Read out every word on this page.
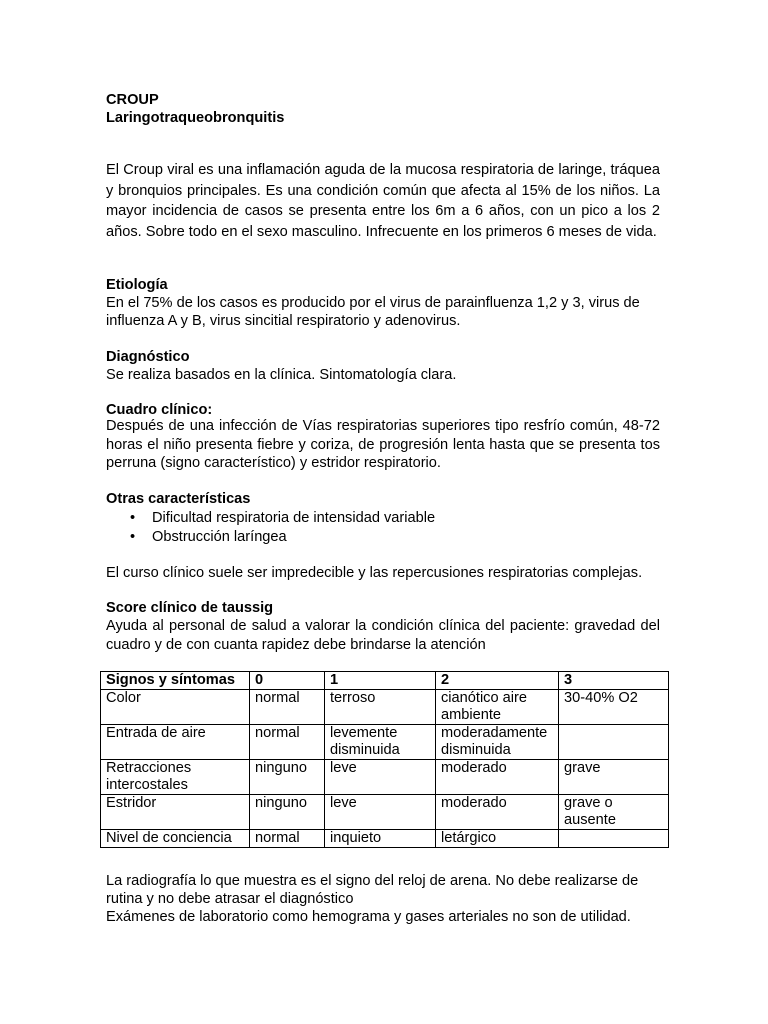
CROUP

Laringotraqueobronquitis

El Croup viral es una inflamación aguda de la mucosa respiratoria de laringe, tráquea y bronquios principales. Es una condición común que afecta al 15% de los niños. La mayor incidencia de casos se presenta entre los 6m a 6 años, con un pico a los 2 años. Sobre todo en el sexo masculino. Infrecuente en los primeros 6 meses de vida.

Etiología

En el 75% de los casos es producido por el virus de parainfluenza 1,2 y 3, virus de influenza A y B, virus sincitial respiratorio y adenovirus.

Diagnóstico

Se realiza basados en la clínica. Sintomatología clara.

Cuadro clínico:

Después de una infección de Vías respiratorias superiores tipo resfrío común, 48-72 horas el niño presenta fiebre y coriza, de progresión lenta hasta que se presenta tos perruna (signo característico) y estridor respiratorio.

Otras características

• Dificultad respiratoria de intensidad variable
• Obstrucción laríngea

El curso clínico suele ser impredecible y las repercusiones respiratorias complejas.

Score clínico de taussig

Ayuda al personal de salud a valorar la condición clínica del paciente: gravedad del cuadro y de con cuanta rapidez debe brindarse la atención

Signos y síntomas	0	1	2	3
Color	normal	terroso	cianótico aire ambiente	30-40% O2
Entrada de aire	normal	levemente disminuida	moderadamente disminuida	
Retracciones intercostales	ninguno	leve	moderado	grave
Estridor	ninguno	leve	moderado	grave o ausente
Nivel de conciencia	normal	inquieto	letárgico	

La radiografía lo que muestra es el signo del reloj de arena. No debe realizarse de rutina y no debe atrasar el diagnóstico

Exámenes de laboratorio como hemograma y gases arteriales no son de utilidad.
